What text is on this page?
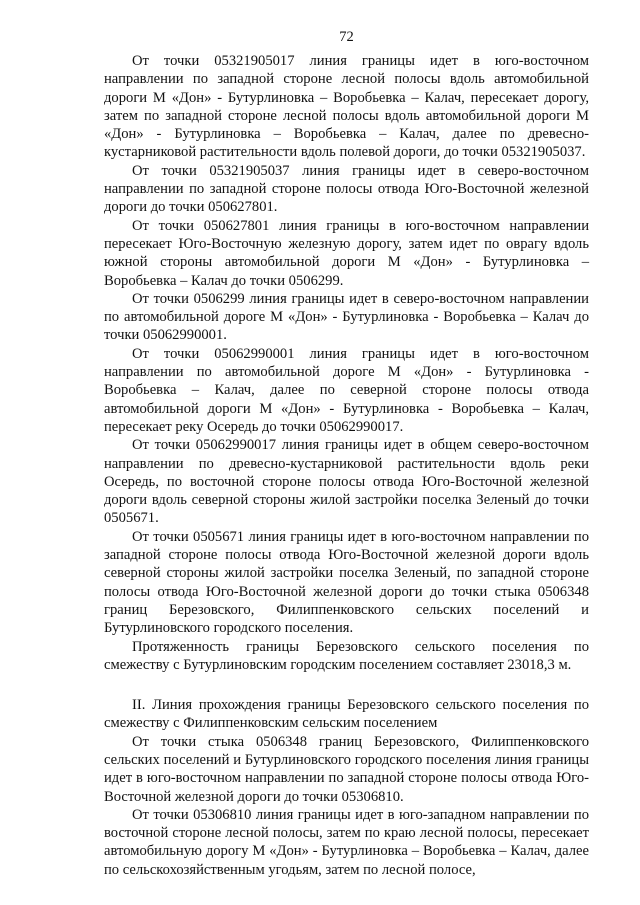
72

От точки 05321905017 линия границы идет в юго-восточном направлении по западной стороне лесной полосы вдоль автомобильной дороги М «Дон» - Бутурлиновка – Воробьевка – Калач, пересекает дорогу, затем по западной стороне лесной полосы вдоль автомобильной дороги М «Дон» - Бутурлиновка – Воробьевка – Калач, далее по древесно-кустарниковой растительности вдоль полевой дороги, до точки 05321905037.

От точки 05321905037 линия границы идет в северо-восточном направлении по западной стороне полосы отвода Юго-Восточной железной дороги до точки 050627801.

От точки 050627801 линия границы в юго-восточном направлении пересекает Юго-Восточную железную дорогу, затем идет по оврагу вдоль южной стороны автомобильной дороги М «Дон» - Бутурлиновка – Воробьевка – Калач до точки 0506299.

От точки 0506299 линия границы идет в северо-восточном направлении по автомобильной дороге М «Дон» - Бутурлиновка - Воробьевка – Калач до точки 05062990001.

От точки 05062990001 линия границы идет в юго-восточном направлении по автомобильной дороге М «Дон» - Бутурлиновка - Воробьевка – Калач, далее по северной стороне полосы отвода автомобильной дороги М «Дон» - Бутурлиновка - Воробьевка – Калач, пересекает реку Осередь до точки 05062990017.

От точки 05062990017 линия границы идет в общем северо-восточном направлении по древесно-кустарниковой растительности вдоль реки Осередь, по восточной стороне полосы отвода Юго-Восточной железной дороги вдоль северной стороны жилой застройки поселка Зеленый до точки 0505671.

От точки 0505671 линия границы идет в юго-восточном направлении по западной стороне полосы отвода Юго-Восточной железной дороги вдоль северной стороны жилой застройки поселка Зеленый, по западной стороне полосы отвода Юго-Восточной железной дороги до точки стыка 0506348 границ Березовского, Филиппенковского сельских поселений и Бутурлиновского городского поселения.

Протяженность границы Березовского сельского поселения по смежеству с Бутурлиновским городским поселением составляет 23018,3 м.

II. Линия прохождения границы Березовского сельского поселения по смежеству с Филиппенковским сельским поселением

От точки стыка 0506348 границ Березовского, Филиппенковского сельских поселений и Бутурлиновского городского поселения линия границы идет в юго-восточном направлении по западной стороне полосы отвода Юго-Восточной железной дороги до точки 05306810.

От точки 05306810 линия границы идет в юго-западном направлении по восточной стороне лесной полосы, затем по краю лесной полосы, пересекает автомобильную дорогу М «Дон» - Бутурлиновка – Воробьевка – Калач, далее по сельскохозяйственным угодьям, затем по лесной полосе,
